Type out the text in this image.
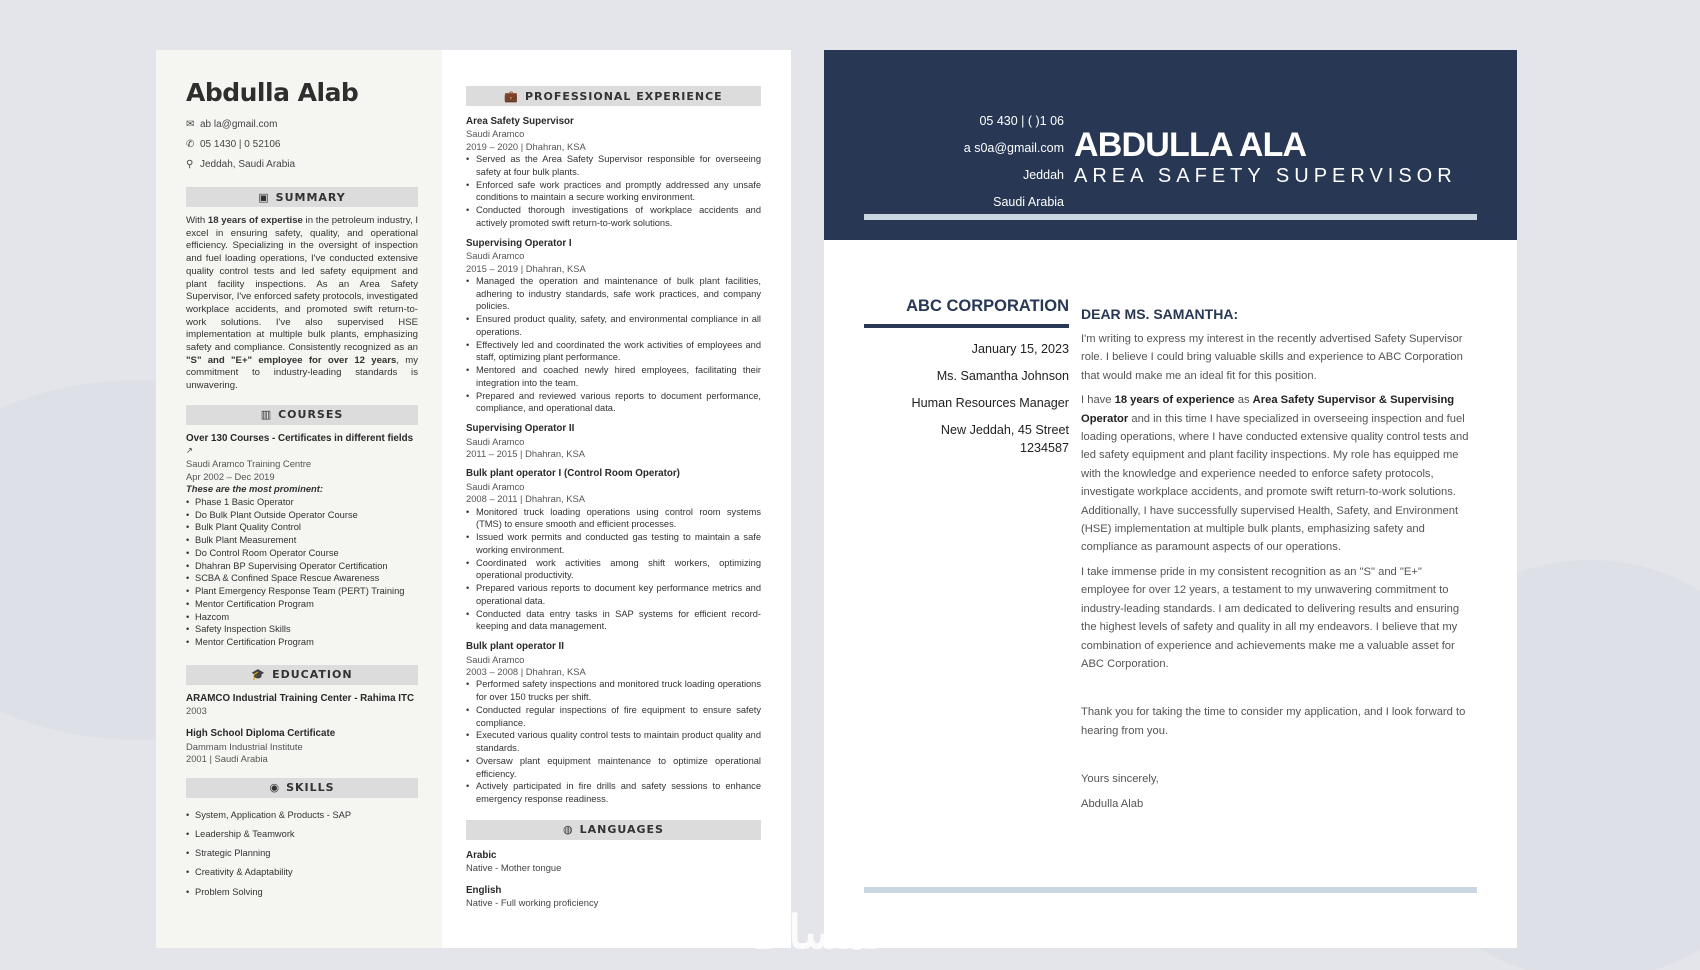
Abdulla Alab
✉ ab la@gmail.com
✆ 05 1430 | 0 52106
⚲ Jeddah, Saudi Arabia
▣ SUMMARY
With 18 years of expertise in the petroleum industry, I excel in ensuring safety, quality, and operational efficiency. Specializing in the oversight of inspection and fuel loading operations, I've conducted extensive quality control tests and led safety equipment and plant facility inspections. As an Area Safety Supervisor, I've enforced safety protocols, investigated workplace accidents, and promoted swift return-to-work solutions. I've also supervised HSE implementation at multiple bulk plants, emphasizing safety and compliance. Consistently recognized as an "S" and "E+" employee for over 12 years, my commitment to industry-leading standards is unwavering.
▥ COURSES
Over 130 Courses - Certificates in different fields ↗
Saudi Aramco Training Centre
Apr 2002 – Dec 2019
These are the most prominent:
• Phase 1 Basic Operator
• Do Bulk Plant Outside Operator Course
• Bulk Plant Quality Control
• Bulk Plant Measurement
• Do Control Room Operator Course
• Dhahran BP Supervising Operator Certification
• SCBA & Confined Space Rescue Awareness
• Plant Emergency Response Team (PERT) Training
• Mentor Certification Program
• Hazcom
• Safety Inspection Skills
• Mentor Certification Program
🎓 EDUCATION
ARAMCO Industrial Training Center - Rahima ITC
2003
High School Diploma Certificate
Dammam Industrial Institute
2001 | Saudi Arabia
◉ SKILLS
• System, Application & Products - SAP
• Leadership & Teamwork
• Strategic Planning
• Creativity & Adaptability
• Problem Solving
💼 PROFESSIONAL EXPERIENCE
Area Safety Supervisor
Saudi Aramco
2019 – 2020 | Dhahran, KSA
• Served as the Area Safety Supervisor responsible for overseeing safety at four bulk plants.
• Enforced safe work practices and promptly addressed any unsafe conditions to maintain a secure working environment.
• Conducted thorough investigations of workplace accidents and actively promoted swift return-to-work solutions.
Supervising Operator I
Saudi Aramco
2015 – 2019 | Dhahran, KSA
• Managed the operation and maintenance of bulk plant facilities, adhering to industry standards, safe work practices, and company policies.
• Ensured product quality, safety, and environmental compliance in all operations.
• Effectively led and coordinated the work activities of employees and staff, optimizing plant performance.
• Mentored and coached newly hired employees, facilitating their integration into the team.
• Prepared and reviewed various reports to document performance, compliance, and operational data.
Supervising Operator II
Saudi Aramco
2011 – 2015 | Dhahran, KSA
Bulk plant operator I (Control Room Operator)
Saudi Aramco
2008 – 2011 | Dhahran, KSA
• Monitored truck loading operations using control room systems (TMS) to ensure smooth and efficient processes.
• Issued work permits and conducted gas testing to maintain a safe working environment.
• Coordinated work activities among shift workers, optimizing operational productivity.
• Prepared various reports to document key performance metrics and operational data.
• Conducted data entry tasks in SAP systems for efficient record-keeping and data management.
Bulk plant operator II
Saudi Aramco
2003 – 2008 | Dhahran, KSA
• Performed safety inspections and monitored truck loading operations for over 150 trucks per shift.
• Conducted regular inspections of fire equipment to ensure safety compliance.
• Executed various quality control tests to maintain product quality and standards.
• Oversaw plant equipment maintenance to optimize operational efficiency.
• Actively participated in fire drills and safety sessions to enhance emergency response readiness.
◍ LANGUAGES
Arabic
Native - Mother tongue
English
Native - Full working proficiency
05 430 | ( )1 06
a s0a@gmail.com
Jeddah
Saudi Arabia
ABDULLA ALA
AREA SAFETY SUPERVISOR
ABC CORPORATION
January 15, 2023
Ms. Samantha Johnson
Human Resources Manager
New Jeddah, 45 Street
1234587
DEAR MS. SAMANTHA:

I'm writing to express my interest in the recently advertised Safety Supervisor role. I believe I could bring valuable skills and experience to ABC Corporation that would make me an ideal fit for this position.

I have 18 years of experience as Area Safety Supervisor & Supervising Operator and in this time I have specialized in overseeing inspection and fuel loading operations, where I have conducted extensive quality control tests and led safety equipment and plant facility inspections. My role has equipped me with the knowledge and experience needed to enforce safety protocols, investigate workplace accidents, and promote swift return-to-work solutions. Additionally, I have successfully supervised Health, Safety, and Environment (HSE) implementation at multiple bulk plants, emphasizing safety and compliance as paramount aspects of our operations.

I take immense pride in my consistent recognition as an "S" and "E+" employee for over 12 years, a testament to my unwavering commitment to industry-leading standards. I am dedicated to delivering results and ensuring the highest levels of safety and quality in all my endeavors. I believe that my combination of experience and achievements make me a valuable asset for ABC Corporation.

Thank you for taking the time to consider my application, and I look forward to hearing from you.

Yours sincerely,

Abdulla Alab

خمسات
